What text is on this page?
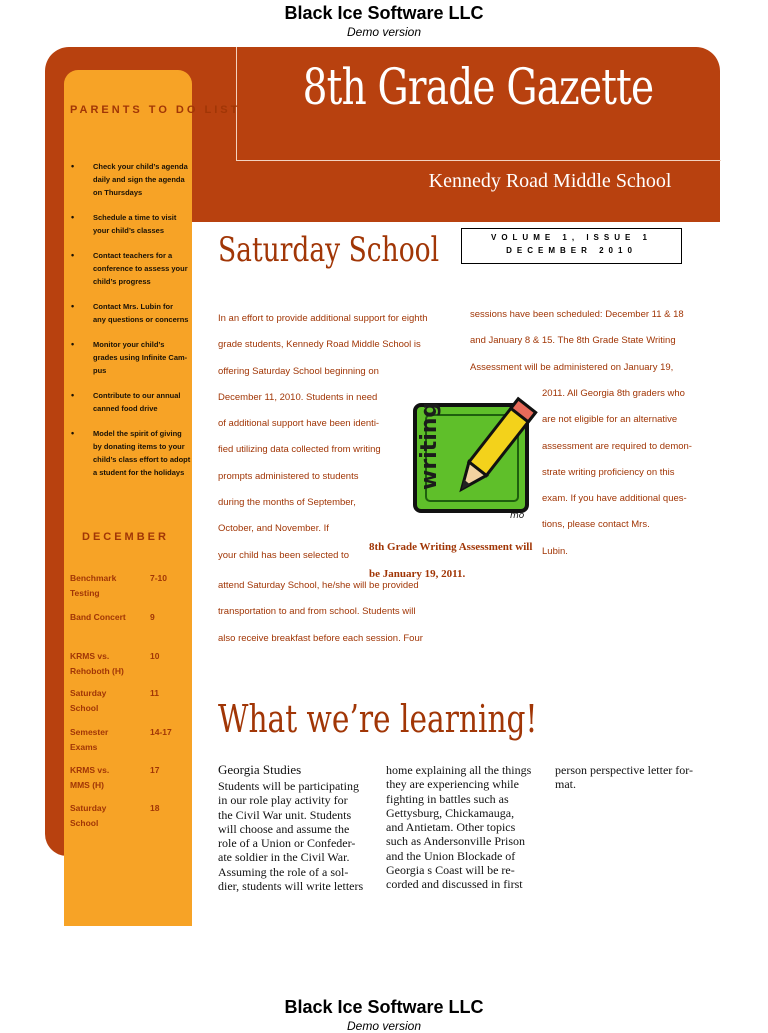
Black Ice Software LLC
Demo version
8th Grade Gazette
Kennedy Road Middle School
PARENTS TO DO LIST
• Check your child’s agenda
daily and sign the agenda
on Thursdays
• Schedule a time to visit
your child’s classes
• Contact teachers for a
conference to assess your
child’s progress
• Contact Mrs. Lubin for
any questions or concerns
• Monitor your child’s
grades using Infinite Cam-
pus
• Contribute to our annual
canned food drive
• Model the spirit of giving
by donating items to your
child’s class effort to adopt
a student for the holidays
DECEMBER
Benchmark
Testing
7-10
Band Concert	9
KRMS vs.
Rehoboth (H)
10
Saturday
School
11
Semester
Exams
14-17
KRMS vs.
MMS (H)
17
Saturday
School
18
Saturday School	VOLUME 1, ISSUE 1
DECEMBER 2010

In an effort to provide additional support for eighth

grade students, Kennedy Road Middle School is

offering Saturday School beginning on

December 11, 2010. Students in need

of additional support have been identi-

fied utilizing data collected from writing

prompts administered to students

during the months of September,

October, and November. If

your child has been selected to

attend Saturday School, he/she will be provided

transportation to and from school. Students will

also receive breakfast before each session. Four

sessions have been scheduled: December 11 & 18

and January 8 & 15. The 8th Grade State Writing

Assessment will be administered on January 19,

2011. All Georgia 8th graders who

are not eligible for an alternative

assessment are required to demon-

strate writing proficiency on this

exam. If you have additional ques-

tions, please contact Mrs.

Lubin.

writing
mo

8th Grade Writing Assessment will

be January 19, 2011.

What we’re learning!
Georgia Studies

Students will be participating

in our role play activity for

the Civil War unit. Students

will choose and assume the

role of a Union or Confeder-

ate soldier in the Civil War.

Assuming the role of a sol-

dier, students will write letters

home explaining all the things

they are experiencing while

fighting in battles such as

Gettysburg, Chickamauga,

and Antietam. Other topics

such as Andersonville Prison

and the Union Blockade of

Georgia s Coast will be re-

corded and discussed in first

person perspective letter for-

mat.

Black Ice Software LLC
Demo version
